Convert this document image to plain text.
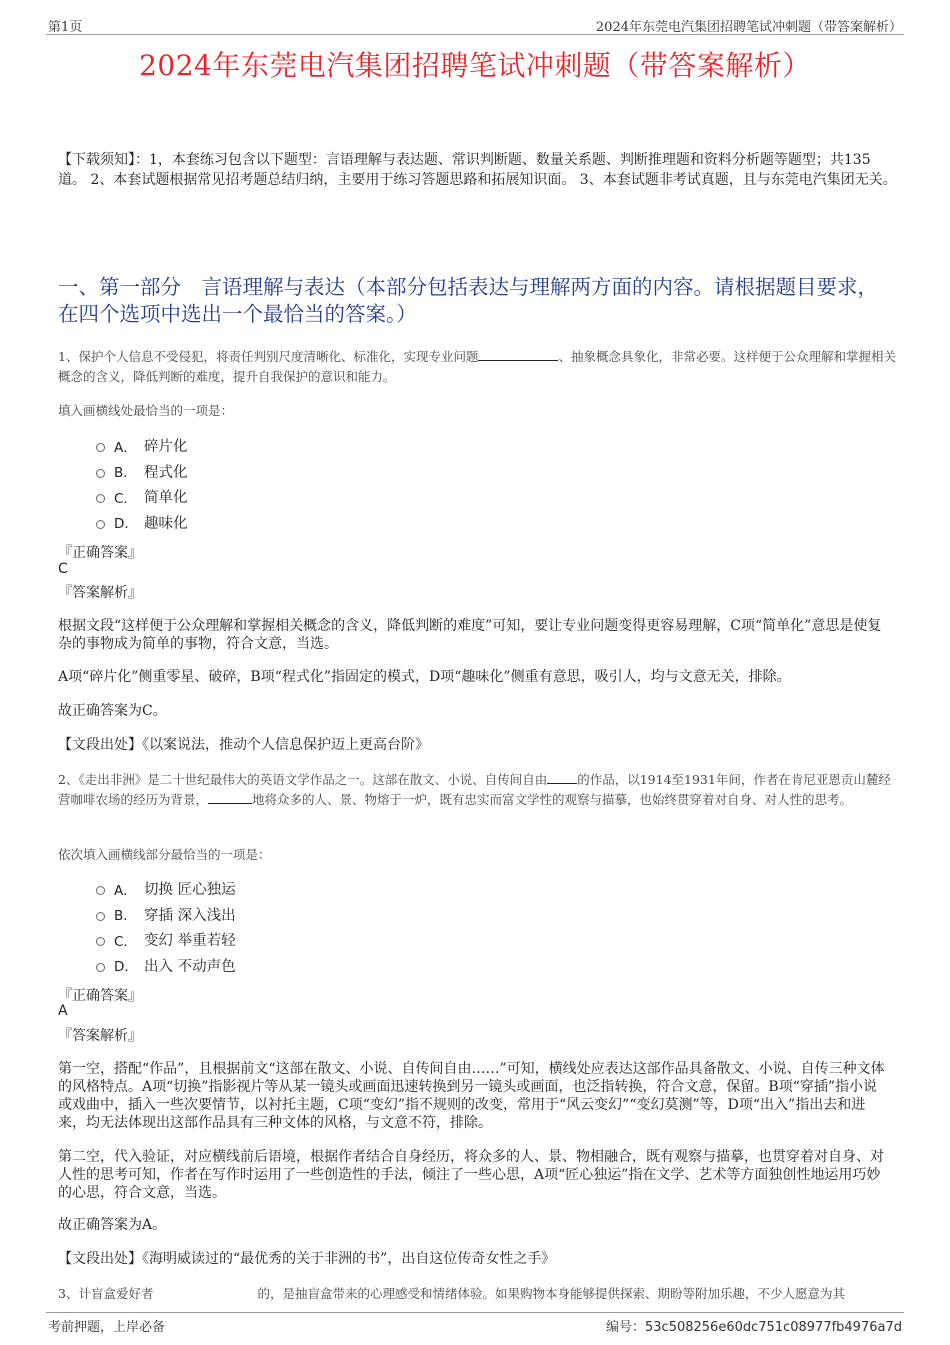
第1页	2024年东莞电汽集团招聘笔试冲刺题（带答案解析）
2024年东莞电汽集团招聘笔试冲刺题（带答案解析）
【下载须知】：1，本套练习包含以下题型：言语理解与表达题、常识判断题、数量关系题、判断推理题和资料分析题等题型；共135道。 2、本套试题根据常见招考题总结归纳，主要用于练习答题思路和拓展知识面。 3、本套试题非考试真题，且与东莞电汽集团无关。
一、第一部分　言语理解与表达（本部分包括表达与理解两方面的内容。请根据题目要求，在四个选项中选出一个最恰当的答案。）
1、保护个人信息不受侵犯，将责任判别尺度清晰化、标准化，实现专业问题	、抽象概念具象化，非常必要。这样便于公众理解和掌握相关概念的含义，降低判断的难度，提升自我保护的意识和能力。
填入画横线处最恰当的一项是：
A． 碎片化
B． 程式化
C． 简单化
D． 趣味化
『正确答案』
C
『答案解析』
根据文段“这样便于公众理解和掌握相关概念的含义，降低判断的难度”可知，要让专业问题变得更容易理解，C项“简单化”意思是使复杂的事物成为简单的事物，符合文意，当选。
A项“碎片化”侧重零星、破碎，B项“程式化”指固定的模式，D项“趣味化”侧重有意思，吸引人，均与文意无关，排除。
故正确答案为C。
【文段出处】《以案说法，推动个人信息保护迈上更高台阶》
2、《走出非洲》是二十世纪最伟大的英语文学作品之一。这部在散文、小说、自传间自由 的作品，以1914至1931年间，作者在肯尼亚恩贡山麓经营咖啡农场的经历为背景，	地将众多的人、景、物熔于一炉，既有忠实而富文学性的观察与描摹，也始终贯穿着对自身、对人性的思考。
依次填入画横线部分最恰当的一项是：
A． 切换 匠心独运
B． 穿插 深入浅出
C． 变幻 举重若轻
D． 出入 不动声色
『正确答案』
A
『答案解析』
第一空，搭配“作品”，且根据前文“这部在散文、小说、自传间自由……”可知，横线处应表达这部作品具备散文、小说、自传三种文体的风格特点。A项“切换”指影视片等从某一镜头或画面迅速转换到另一镜头或画面，也泛指转换，符合文意，保留。B项“穿插”指小说或戏曲中，插入一些次要情节，以衬托主题，C项“变幻”指不规则的改变，常用于“风云变幻”“变幻莫测”等，D项“出入”指出去和进来，均无法体现出这部作品具有三种文体的风格，与文意不符，排除。
第二空，代入验证，对应横线前后语境，根据作者结合自身经历，将众多的人、景、物相融合，既有观察与描摹，也贯穿着对自身、对人性的思考可知，作者在写作时运用了一些创造性的手法，倾注了一些心思，A项“匠心独运”指在文学、艺术等方面独创性地运用巧妙的心思，符合文意，当选。
故正确答案为A。
【文段出处】《海明威读过的“最优秀的关于非洲的书”，出自这位传奇女性之手》
3、计盲盒爱好者	的，是抽盲盒带来的心理感受和情绪体验。如果购物本身能够提供探索、期盼等附加乐趣，不少人愿意为其
考前押题，上岸必备	编号：53c508256e60dc751c08977fb4976a7d
